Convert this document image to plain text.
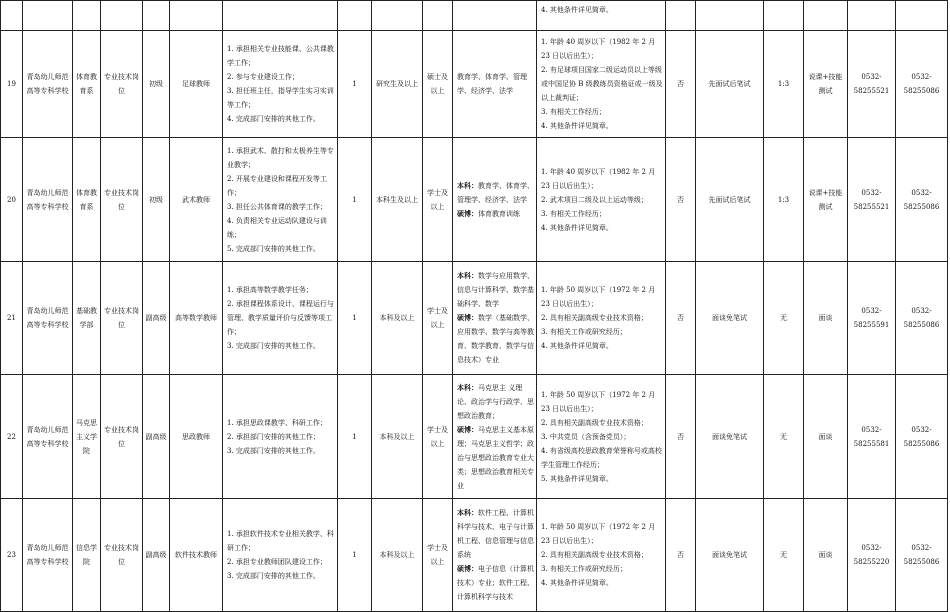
											4. 其他条件详见简章。						

19	青岛幼儿师范高等专科学校	体育教育系	专业技术岗位	初级	足球教师	1. 承担相关专业技能课、公共课教学工作；
2. 参与专业建设工作；
3. 担任班主任，指导学生实习实训等工作；
4. 完成部门安排的其他工作。	1	研究生及以上	硕士及以上	教育学、体育学、管理学、经济学、法学	1. 年龄 40 周岁以下（1982 年 2 月 23 日以后出生）；
2. 有足球项目国家二级运动员以上等级或中国足协 B 级教练员资格证或一级及以上裁判证；
3. 有相关工作经历；
4. 其他条件详见简章。	否	先面试后笔试	1:3	说课+技能测试	0532-58255521	0532-58255086
20	青岛幼儿师范高等专科学校	体育教育系	专业技术岗位	初级	武术教师	1. 承担武术、散打和太极养生等专业教学；
2. 开展专业建设和课程开发等工作；
3. 担任公共体育课的教学工作；
4. 负责相关专业运动队建设与训练；
5. 完成部门安排的其他工作。	1	本科生及以上	学士及以上	本科：教育学、体育学、管理学、经济学、法学
硕博：体育教育训练	1. 年龄 40 周岁以下（1982 年 2 月 23 日以后出生）；
2. 武术项目二级及以上运动等级；
3. 有相关工作经历；
4. 其他条件详见简章。	否	先面试后笔试	1:3	说课+技能测试	0532-58255521	0532-58255086
21	青岛幼儿师范高等专科学校	基础教学部	专业技术岗位	副高级	高等数学教师	1. 承担高等数学教学任务；
2. 承担课程体系设计、课程运行与管理、教学质量评价与反馈等项工作；
3. 完成部门安排的其他工作。	1	本科及以上	学士及以上	本科：数学与应用数学、信息与计算科学、数学基础科学、数学
硕博：数学（基础数学、应用数学、数学与高等教育、数学教育、数学与信息技术）专业	1. 年龄 50 周岁以下（1972 年 2 月 23 日以后出生）；
2. 具有相关副高级专业技术资格；
3. 有相关工作或研究经历；
4. 其他条件详见简章。	否	面谈免笔试	无	面谈	0532-58255591	0532-58255086
22	青岛幼儿师范高等专科学校	马克思主义学院	专业技术岗位	副高级	思政教师	1. 承担思政课教学、科研工作；
2. 承担部门安排的其他工作；
3. 完成部门安排的其他工作。	1	本科及以上	学士及以上	本科：马克思主 义理论、政治学与行政学、思想政治教育；
硕博：马克思主义基本原理；马克思主义哲学；政治与思想政治教育专业大类；思想政治教育相关专业	1. 年龄 50 周岁以下（1972 年 2 月 23 日以后出生）；
2. 具有相关副高级专业技术资格；
3. 中共党员（含预备党员）；
4. 有省级高校思政教育荣誉称号或高校学生管理工作经历；
5. 其他条件详见简章。	否	面谈免笔试	无	面谈	0532-58255581	0532-58255086
23	青岛幼儿师范高等专科学校	信息学院	专业技术岗位	副高级	软件技术教师	1. 承担软件技术专业相关教学、科研工作；
2. 承担专业教师团队建设工作；
3. 完成部门安排的其他工作。	1	本科及以上	学士及以上	本科：软件工程、计算机科学与技术、电子与计算机工程、信息管理与信息系统
硕博：电子信息（计算机技术）专业；软件工程、计算机科学与技术	1. 年龄 50 周岁以下（1972 年 2 月 23 日以后出生）；
2. 具有相关副高级专业技术资格；
3. 有相关工作或研究经历；
4. 其他条件详见简章。	否	面谈免笔试	无	面谈	0532-58255220	0532-58255086
